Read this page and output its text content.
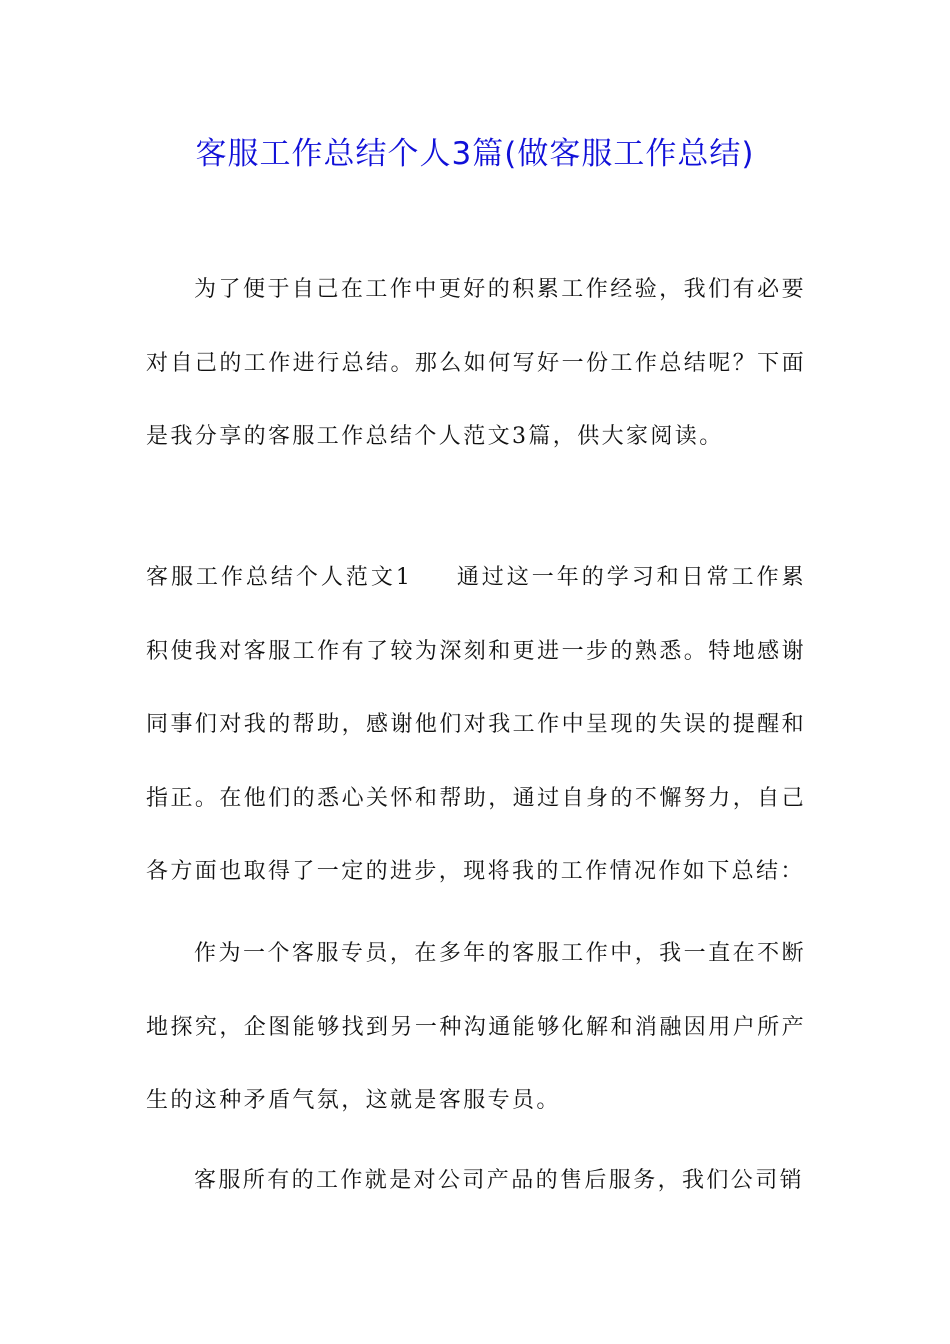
客服工作总结个人3篇(做客服工作总结)

为了便于自己在工作中更好的积累工作经验，我们有必要对自己的工作进行总结。那么如何写好一份工作总结呢？下面是我分享的客服工作总结个人范文3篇，供大家阅读。

客服工作总结个人范文1 通过这一年的学习和日常工作累积使我对客服工作有了较为深刻和更进一步的熟悉。特地感谢同事们对我的帮助，感谢他们对我工作中呈现的失误的提醒和指正。在他们的悉心关怀和帮助，通过自身的不懈努力，自己各方面也取得了一定的进步，现将我的工作情况作如下总结：

作为一个客服专员，在多年的客服工作中，我一直在不断地探究，企图能够找到另一种沟通能够化解和消融因用户所产生的这种矛盾气氛，这就是客服专员。

客服所有的工作就是对公司产品的售后服务，我们公司销
